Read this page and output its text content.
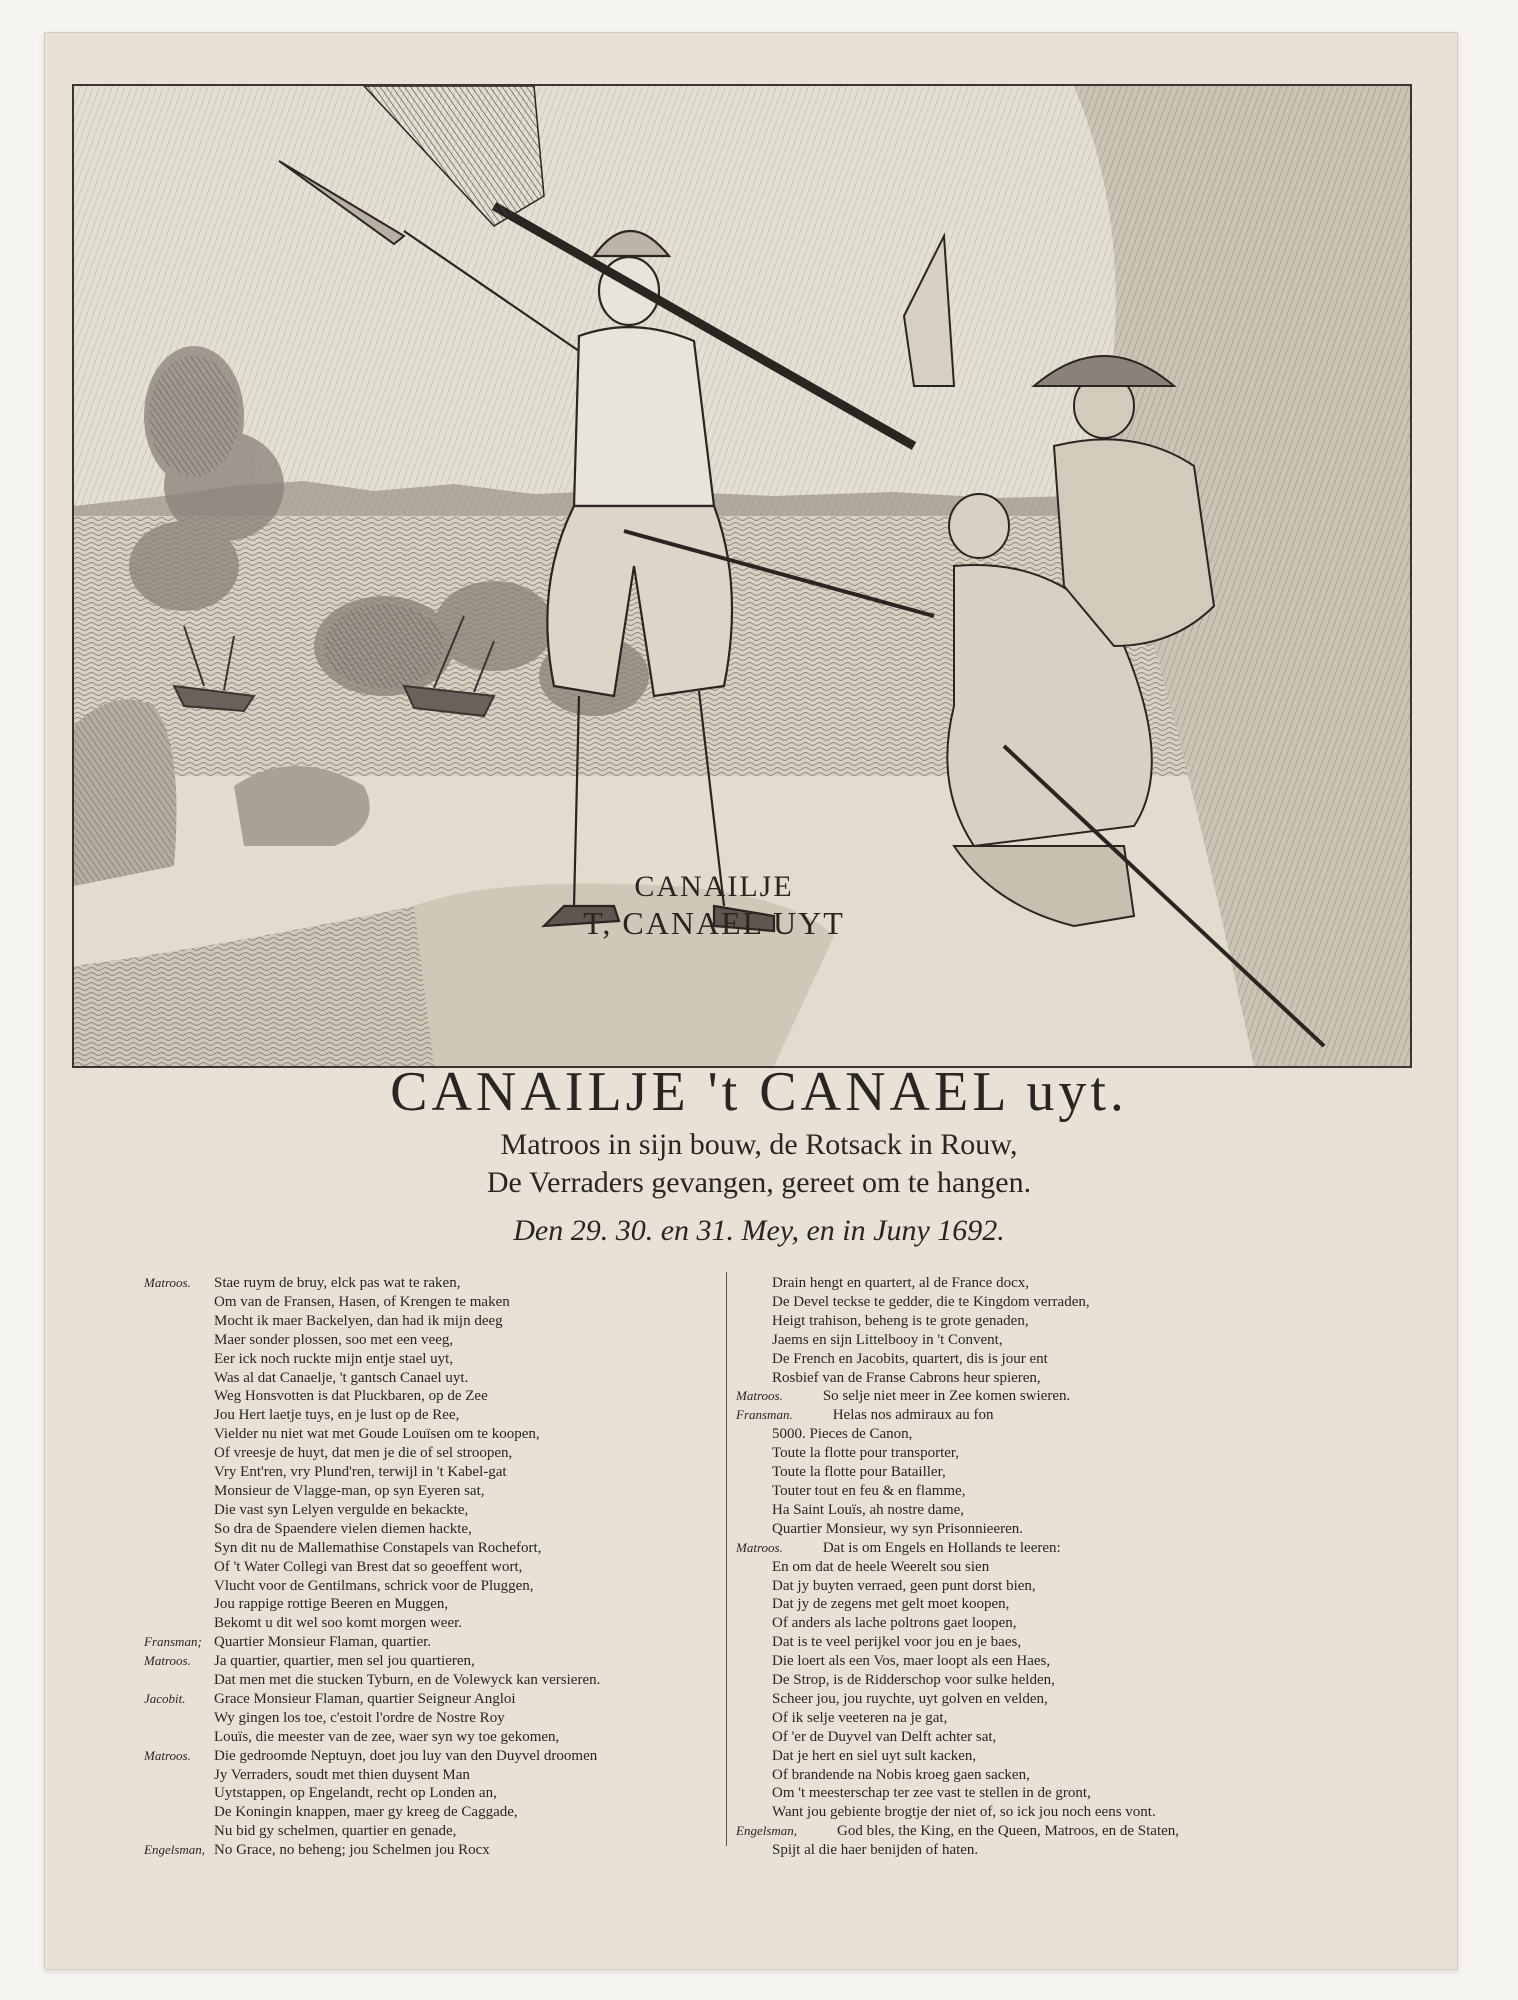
CANAILJE
T, CANAEL UYT
CANAILJE 't CANAEL uyt.
Matroos in sijn bouw, de Rotsack in Rouw,
De Verraders gevangen, gereet om te hangen.
Den 29. 30. en 31. Mey, en in Juny 1692.
Matroos.	Stae ruym de bruy, elck pas wat te raken,
Om van de Fransen, Hasen, of Krengen te maken
Mocht ik maer Backelyen, dan had ik mijn deeg
Maer sonder plossen, soo met een veeg,
Eer ick noch ruckte mijn entje stael uyt,
Was al dat Canaelje, 't gantsch Canael uyt.
Weg Honsvotten is dat Pluckbaren, op de Zee
Jou Hert laetje tuys, en je lust op de Ree,
Vielder nu niet wat met Goude Louïsen om te koopen,
Of vreesje de huyt, dat men je die of sel stroopen,
Vry Ent'ren, vry Plund'ren, terwijl in 't Kabel-gat
Monsieur de Vlagge-man, op syn Eyeren sat,
Die vast syn Lelyen vergulde en bekackte,
So dra de Spaendere vielen diemen hackte,
Syn dit nu de Mallemathise Constapels van Rochefort,
Of 't Water Collegi van Brest dat so geoeffent wort,
Vlucht voor de Gentilmans, schrick voor de Pluggen,
Jou rappige rottige Beeren en Muggen,
Bekomt u dit wel soo komt morgen weer.
Fransman; Quartier Monsieur Flaman, quartier.
Matroos.	Ja quartier, quartier, men sel jou quartieren,
Dat men met die stucken Tyburn, en de Volewyck kan versieren.
Jacobit.	Grace Monsieur Flaman, quartier Seigneur Angloi
Wy gingen los toe, c'estoit l'ordre de Nostre Roy
Louïs, die meester van de zee, waer syn wy toe gekomen,
Matroos.	Die gedroomde Neptuyn, doet jou luy van den Duyvel droomen
Jy Verraders, soudt met thien duysent Man
Uytstappen, op Engelandt, recht op Londen an,
De Koningin knappen, maer gy kreeg de Caggade,
Nu bid gy schelmen, quartier en genade,
Engelsman, No Grace, no beheng; jou Schelmen jou Rocx
Drain hengt en quartert, al de France docx,
De Devel teckse te gedder, die te Kingdom verraden,
Heigt trahison, beheng is te grote genaden,
Jaems en sijn Littelbooy in 't Convent,
De French en Jacobits, quartert, dis is jour ent
Rosbief van de Franse Cabrons heur spieren,
Matroos.	So selje niet meer in Zee komen swieren.
Fransman.	Helas nos admiraux au fon
5000. Pieces de Canon,
Toute la flotte pour transporter,
Toute la flotte pour Batailler,
Touter tout en feu & en flamme,
Ha Saint Louïs, ah nostre dame,
Quartier Monsieur, wy syn Prisonnieeren.
Matroos.	Dat is om Engels en Hollands te leeren:
En om dat de heele Weerelt sou sien
Dat jy buyten verraed, geen punt dorst bien,
Dat jy de zegens met gelt moet koopen,
Of anders als lache poltrons gaet loopen,
Dat is te veel perijkel voor jou en je baes,
Die loert als een Vos, maer loopt als een Haes,
De Strop, is de Ridderschop voor sulke helden,
Scheer jou, jou ruychte, uyt golven en velden,
Of ik selje veeteren na je gat,
Of 'er de Duyvel van Delft achter sat,
Dat je hert en siel uyt sult kacken,
Of brandende na Nobis kroeg gaen sacken,
Om 't meesterschap ter zee vast te stellen in de gront,
Want jou gebiente brogtje der niet of, so ick jou noch eens vont.
Engelsman,	God bles, the King, en the Queen, Matroos, en de Staten,
Spijt al die haer benijden of haten.
